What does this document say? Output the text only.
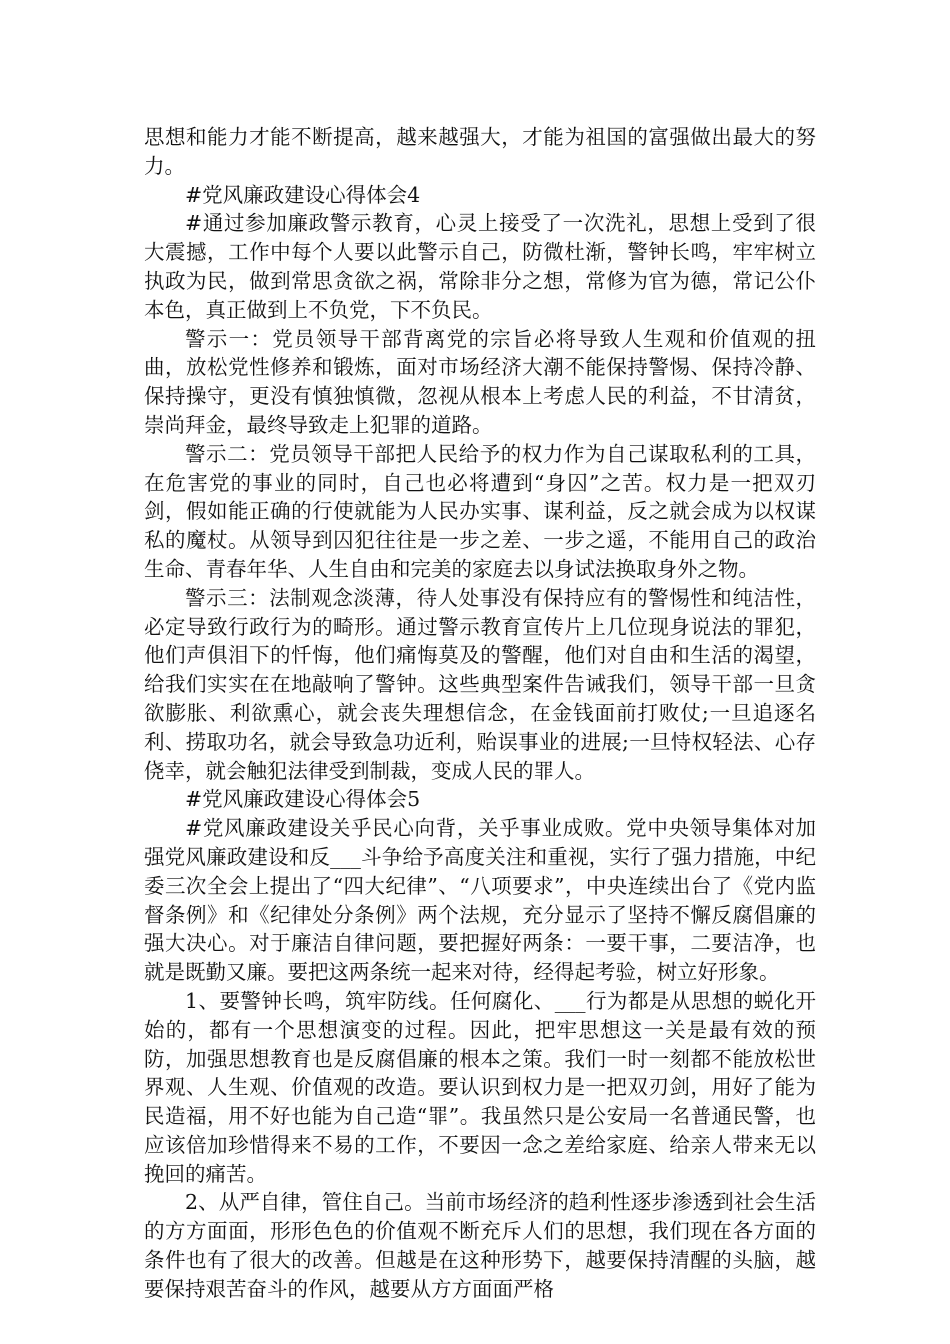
思想和能力才能不断提高，越来越强大，才能为祖国的富强做出最大的努力。

#党风廉政建设心得体会4

#通过参加廉政警示教育，心灵上接受了一次洗礼，思想上受到了很大震撼，工作中每个人要以此警示自己，防微杜渐，警钟长鸣，牢牢树立执政为民，做到常思贪欲之祸，常除非分之想，常修为官为德，常记公仆本色，真正做到上不负党，下不负民。

警示一：党员领导干部背离党的宗旨必将导致人生观和价值观的扭曲，放松党性修养和锻炼，面对市场经济大潮不能保持警惕、保持冷静、保持操守，更没有慎独慎微，忽视从根本上考虑人民的利益，不甘清贫，崇尚拜金，最终导致走上犯罪的道路。

警示二：党员领导干部把人民给予的权力作为自己谋取私利的工具，在危害党的事业的同时，自己也必将遭到“身囚”之苦。权力是一把双刃剑，假如能正确的行使就能为人民办实事、谋利益，反之就会成为以权谋私的魔杖。从领导到囚犯往往是一步之差、一步之遥，不能用自己的政治生命、青春年华、人生自由和完美的家庭去以身试法换取身外之物。

警示三：法制观念淡薄，待人处事没有保持应有的警惕性和纯洁性，必定导致行政行为的畸形。通过警示教育宣传片上几位现身说法的罪犯，他们声俱泪下的忏悔，他们痛悔莫及的警醒，他们对自由和生活的渴望，给我们实实在在地敲响了警钟。这些典型案件告诫我们，领导干部一旦贪欲膨胀、利欲熏心，就会丧失理想信念，在金钱面前打败仗;一旦追逐名利、捞取功名，就会导致急功近利，贻误事业的进展;一旦恃权轻法、心存侥幸，就会触犯法律受到制裁，变成人民的罪人。

#党风廉政建设心得体会5

#党风廉政建设关乎民心向背，关乎事业成败。党中央领导集体对加强党风廉政建设和反___斗争给予高度关注和重视，实行了强力措施，中纪委三次全会上提出了“四大纪律”、“八项要求”，中央连续出台了《党内监督条例》和《纪律处分条例》两个法规，充分显示了坚持不懈反腐倡廉的强大决心。对于廉洁自律问题，要把握好两条：一要干事，二要洁净，也就是既勤又廉。要把这两条统一起来对待，经得起考验，树立好形象。

1、要警钟长鸣，筑牢防线。任何腐化、___行为都是从思想的蜕化开始的，都有一个思想演变的过程。因此，把牢思想这一关是最有效的预防，加强思想教育也是反腐倡廉的根本之策。我们一时一刻都不能放松世界观、人生观、价值观的改造。要认识到权力是一把双刃剑，用好了能为民造福，用不好也能为自己造“罪”。我虽然只是公安局一名普通民警，也应该倍加珍惜得来不易的工作，不要因一念之差给家庭、给亲人带来无以挽回的痛苦。

2、从严自律，管住自己。当前市场经济的趋利性逐步渗透到社会生活的方方面面，形形色色的价值观不断充斥人们的思想，我们现在各方面的条件也有了很大的改善。但越是在这种形势下，越要保持清醒的头脑，越要保持艰苦奋斗的作风，越要从方方面面严格
